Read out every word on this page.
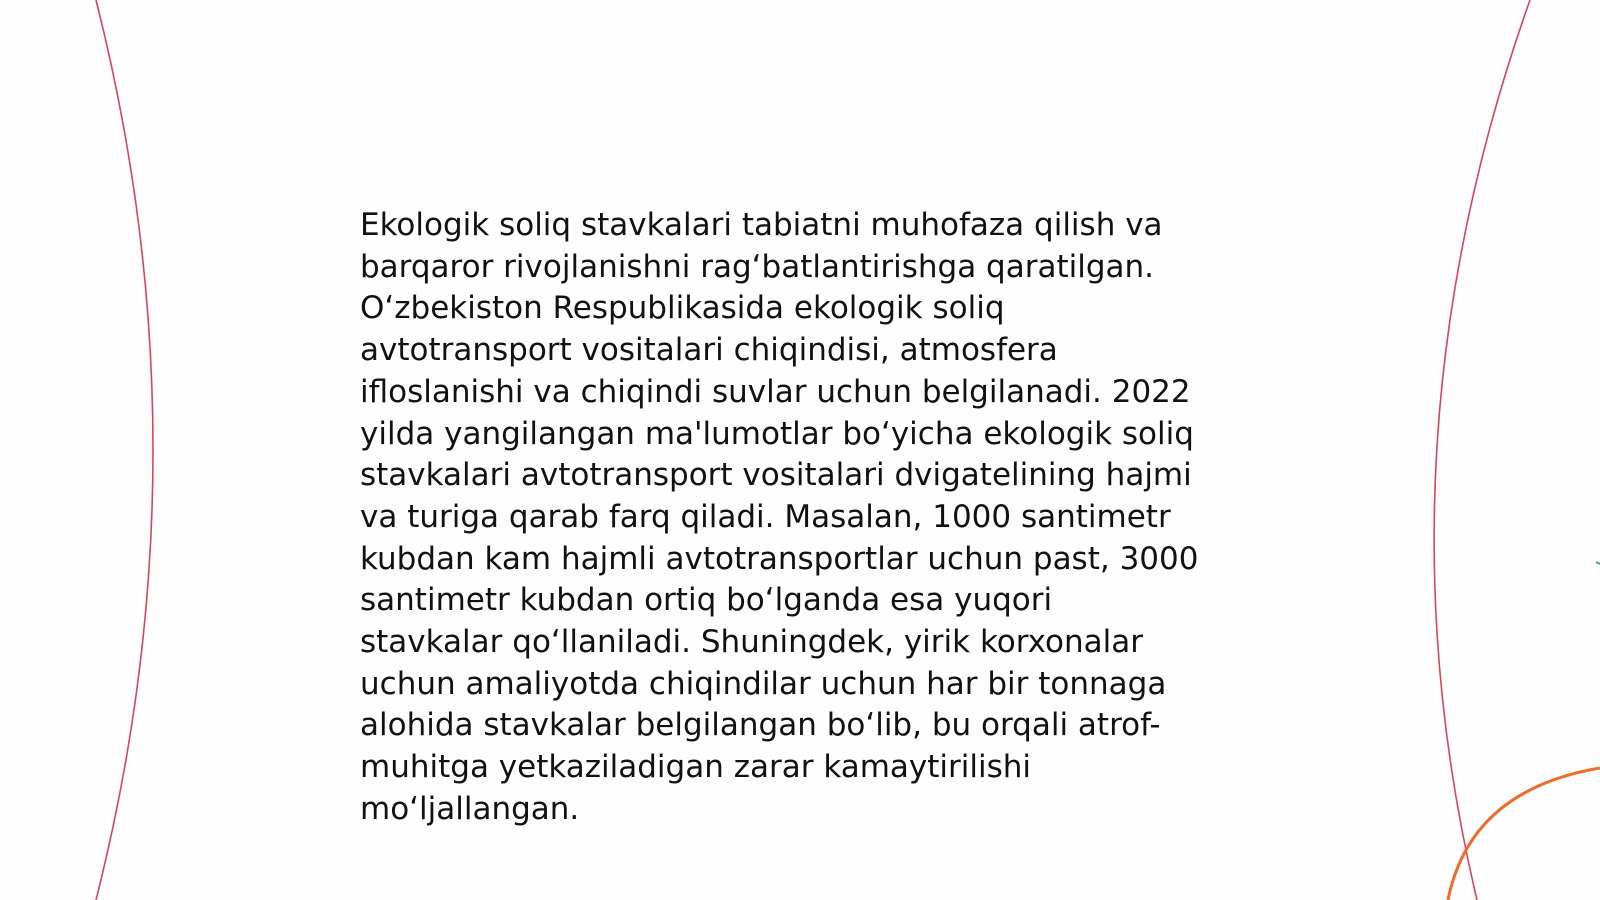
Ekologik soliq stavkalari tabiatni muhofaza qilish va
barqaror rivojlanishni rag‘batlantirishga qaratilgan.
O‘zbekiston Respublikasida ekologik soliq
avtotransport vositalari chiqindisi, atmosfera
ifloslanishi va chiqindi suvlar uchun belgilanadi. 2022
yilda yangilangan ma'lumotlar bo‘yicha ekologik soliq
stavkalari avtotransport vositalari dvigatelining hajmi
va turiga qarab farq qiladi. Masalan, 1000 santimetr
kubdan kam hajmli avtotransportlar uchun past, 3000
santimetr kubdan ortiq bo‘lganda esa yuqori
stavkalar qo‘llaniladi. Shuningdek, yirik korxonalar
uchun amaliyotda chiqindilar uchun har bir tonnaga
alohida stavkalar belgilangan bo‘lib, bu orqali atrof-
muhitga yetkaziladigan zarar kamaytirilishi
mo‘ljallangan.
